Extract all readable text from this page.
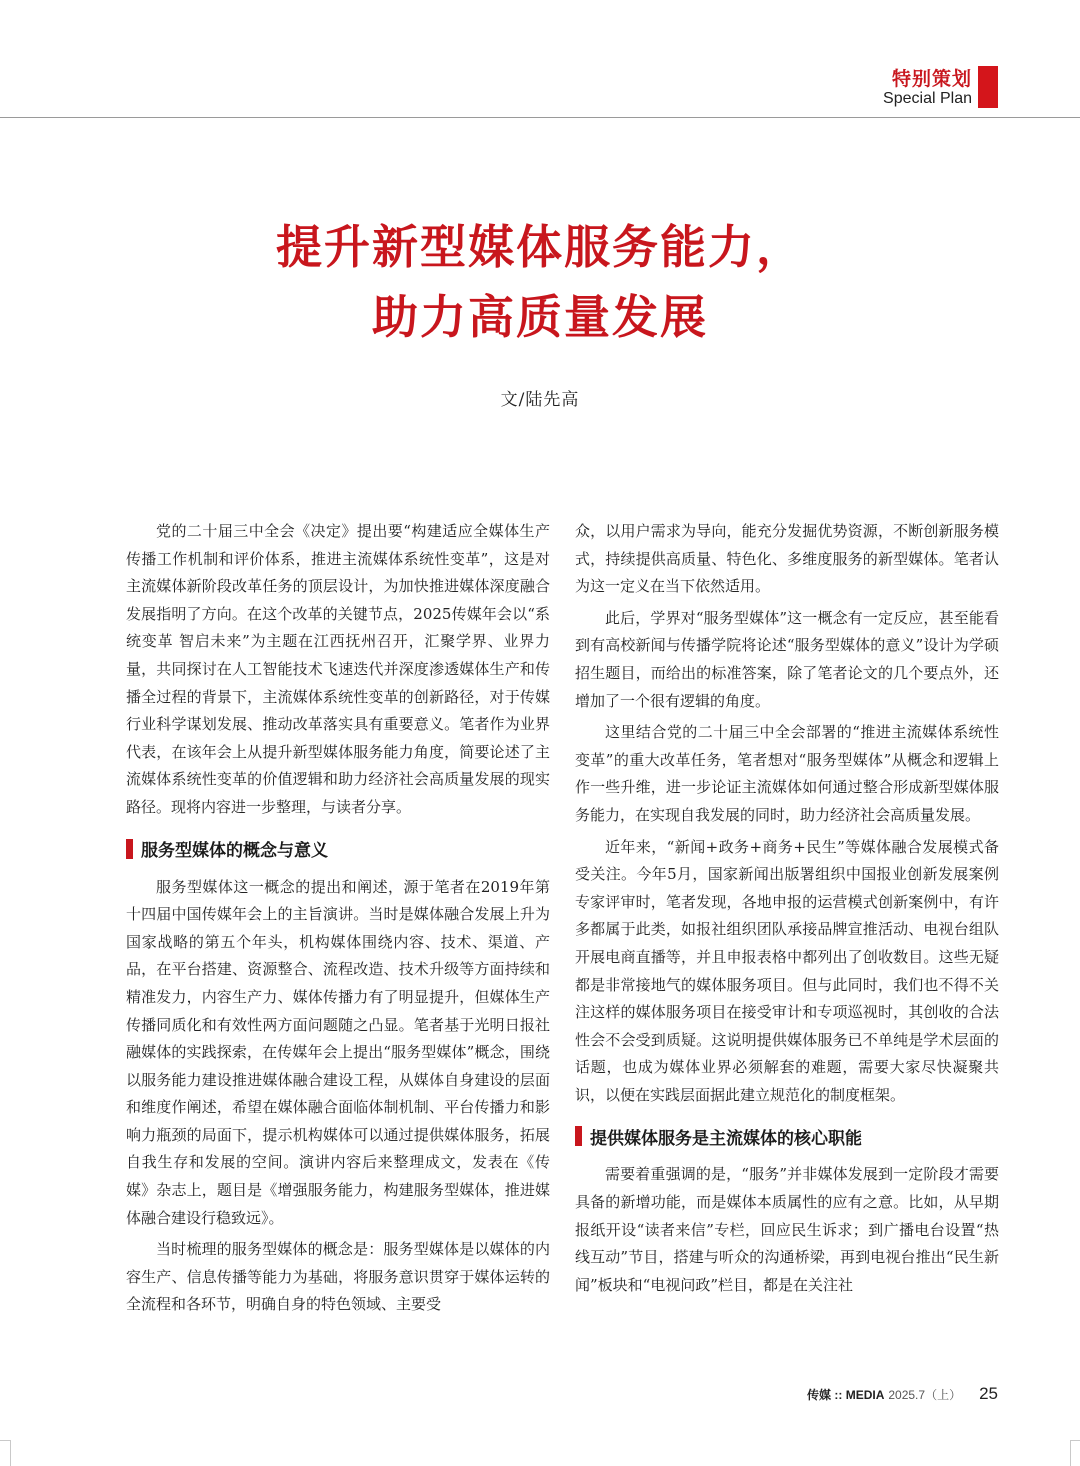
特别策划
Special Plan
提升新型媒体服务能力，
助力高质量发展
文/陆先高

党的二十届三中全会《决定》提出要“构建适应全媒体生产传播工作机制和评价体系，推进主流媒体系统性变革”，这是对主流媒体新阶段改革任务的顶层设计，为加快推进媒体深度融合发展指明了方向。在这个改革的关键节点，2025传媒年会以“系统变革 智启未来”为主题在江西抚州召开，汇聚学界、业界力量，共同探讨在人工智能技术飞速迭代并深度渗透媒体生产和传播全过程的背景下，主流媒体系统性变革的创新路径，对于传媒行业科学谋划发展、推动改革落实具有重要意义。笔者作为业界代表，在该年会上从提升新型媒体服务能力角度，简要论述了主流媒体系统性变革的价值逻辑和助力经济社会高质量发展的现实路径。现将内容进一步整理，与读者分享。

服务型媒体的概念与意义

服务型媒体这一概念的提出和阐述，源于笔者在2019年第十四届中国传媒年会上的主旨演讲。当时是媒体融合发展上升为国家战略的第五个年头，机构媒体围绕内容、技术、渠道、产品，在平台搭建、资源整合、流程改造、技术升级等方面持续和精准发力，内容生产力、媒体传播力有了明显提升，但媒体生产传播同质化和有效性两方面问题随之凸显。笔者基于光明日报社融媒体的实践探索，在传媒年会上提出“服务型媒体”概念，围绕以服务能力建设推进媒体融合建设工程，从媒体自身建设的层面和维度作阐述，希望在媒体融合面临体制机制、平台传播力和影响力瓶颈的局面下，提示机构媒体可以通过提供媒体服务，拓展自我生存和发展的空间。演讲内容后来整理成文，发表在《传媒》杂志上，题目是《增强服务能力，构建服务型媒体，推进媒体融合建设行稳致远》。

当时梳理的服务型媒体的概念是：服务型媒体是以媒体的内容生产、信息传播等能力为基础，将服务意识贯穿于媒体运转的全流程和各环节，明确自身的特色领域、主要受

众，以用户需求为导向，能充分发掘优势资源，不断创新服务模式，持续提供高质量、特色化、多维度服务的新型媒体。笔者认为这一定义在当下依然适用。

此后，学界对“服务型媒体”这一概念有一定反应，甚至能看到有高校新闻与传播学院将论述“服务型媒体的意义”设计为学硕招生题目，而给出的标准答案，除了笔者论文的几个要点外，还增加了一个很有逻辑的角度。

这里结合党的二十届三中全会部署的“推进主流媒体系统性变革”的重大改革任务，笔者想对“服务型媒体”从概念和逻辑上作一些升维，进一步论证主流媒体如何通过整合形成新型媒体服务能力，在实现自我发展的同时，助力经济社会高质量发展。

近年来，“新闻+政务+商务+民生”等媒体融合发展模式备受关注。今年5月，国家新闻出版署组织中国报业创新发展案例专家评审时，笔者发现，各地申报的运营模式创新案例中，有许多都属于此类，如报社组织团队承接品牌宣推活动、电视台组队开展电商直播等，并且申报表格中都列出了创收数目。这些无疑都是非常接地气的媒体服务项目。但与此同时，我们也不得不关注这样的媒体服务项目在接受审计和专项巡视时，其创收的合法性会不会受到质疑。这说明提供媒体服务已不单纯是学术层面的话题，也成为媒体业界必须解套的难题，需要大家尽快凝聚共识，以便在实践层面据此建立规范化的制度框架。

提供媒体服务是主流媒体的核心职能

需要着重强调的是，“服务”并非媒体发展到一定阶段才需要具备的新增功能，而是媒体本质属性的应有之意。比如，从早期报纸开设“读者来信”专栏，回应民生诉求；到广播电台设置“热线互动”节目，搭建与听众的沟通桥梁，再到电视台推出“民生新闻”板块和“电视问政”栏目，都是在关注社

传媒 :: MEDIA 2025.7（上） 25
